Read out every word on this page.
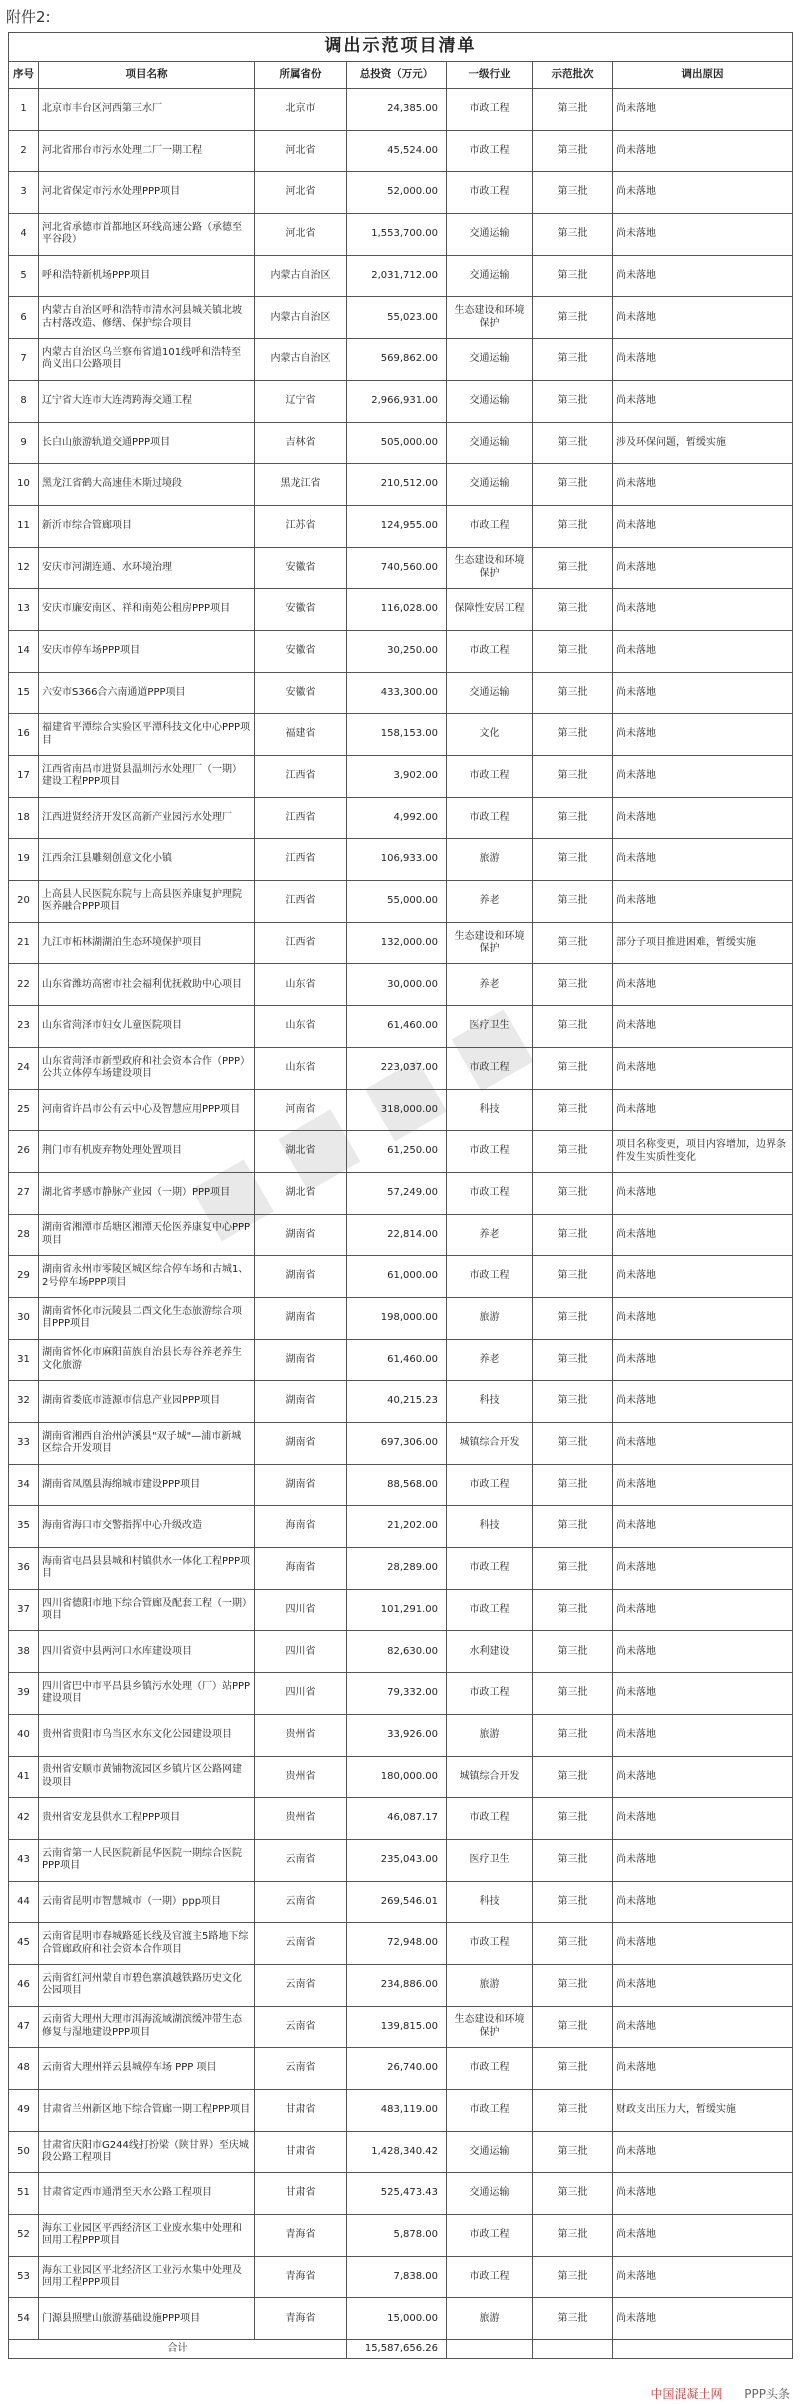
附件2:
调出示范项目清单						
序号	项目名称	所属省份	总投资（万元）	一级行业	示范批次	调出原因
1	北京市丰台区河西第三水厂	北京市	24,385.00	市政工程	第三批	尚未落地
2	河北省邢台市污水处理二厂一期工程	河北省	45,524.00	市政工程	第三批	尚未落地
3	河北省保定市污水处理PPP项目	河北省	52,000.00	市政工程	第三批	尚未落地
4	河北省承德市首都地区环线高速公路（承德至平谷段）	河北省	1,553,700.00	交通运输	第三批	尚未落地
5	呼和浩特新机场PPP项目	内蒙古自治区	2,031,712.00	交通运输	第三批	尚未落地
6	内蒙古自治区呼和浩特市清水河县城关镇北坡古村落改造、修缮、保护综合项目	内蒙古自治区	55,023.00	生态建设和环境保护	第三批	尚未落地
7	内蒙古自治区乌兰察布省道101线呼和浩特至尚义出口公路项目	内蒙古自治区	569,862.00	交通运输	第三批	尚未落地
8	辽宁省大连市大连湾跨海交通工程	辽宁省	2,966,931.00	交通运输	第三批	尚未落地
9	长白山旅游轨道交通PPP项目	吉林省	505,000.00	交通运输	第三批	涉及环保问题，暂缓实施
10	黑龙江省鹤大高速佳木斯过境段	黑龙江省	210,512.00	交通运输	第三批	尚未落地
11	新沂市综合管廊项目	江苏省	124,955.00	市政工程	第三批	尚未落地
12	安庆市河湖连通、水环境治理	安徽省	740,560.00	生态建设和环境保护	第三批	尚未落地
13	安庆市廉安南区、祥和南苑公租房PPP项目	安徽省	116,028.00	保障性安居工程	第三批	尚未落地
14	安庆市停车场PPP项目	安徽省	30,250.00	市政工程	第三批	尚未落地
15	六安市S366合六南通道PPP项目	安徽省	433,300.00	交通运输	第三批	尚未落地
16	福建省平潭综合实验区平潭科技文化中心PPP项目	福建省	158,153.00	文化	第三批	尚未落地
17	江西省南昌市进贤县温圳污水处理厂（一期）建设工程PPP项目	江西省	3,902.00	市政工程	第三批	尚未落地
18	江西进贤经济开发区高新产业园污水处理厂	江西省	4,992.00	市政工程	第三批	尚未落地
19	江西余江县雕刻创意文化小镇	江西省	106,933.00	旅游	第三批	尚未落地
20	上高县人民医院东院与上高县医养康复护理院医养融合PPP项目	江西省	55,000.00	养老	第三批	尚未落地
21	九江市柘林湖湖泊生态环境保护项目	江西省	132,000.00	生态建设和环境保护	第三批	部分子项目推进困难，暂缓实施
22	山东省潍坊高密市社会福利优抚救助中心项目	山东省	30,000.00	养老	第三批	尚未落地
23	山东省菏泽市妇女儿童医院项目	山东省	61,460.00	医疗卫生	第三批	尚未落地
24	山东省菏泽市新型政府和社会资本合作（PPP）公共立体停车场建设项目	山东省	223,037.00	市政工程	第三批	尚未落地
25	河南省许昌市公有云中心及智慧应用PPP项目	河南省	318,000.00	科技	第三批	尚未落地
26	荆门市有机废弃物处理处置项目	湖北省	61,250.00	市政工程	第三批	项目名称变更，项目内容增加，边界条件发生实质性变化
27	湖北省孝感市静脉产业园（一期）PPP项目	湖北省	57,249.00	市政工程	第三批	尚未落地
28	湖南省湘潭市岳塘区湘潭天伦医养康复中心PPP项目	湖南省	22,814.00	养老	第三批	尚未落地
29	湖南省永州市零陵区城区综合停车场和古城1、2号停车场PPP项目	湖南省	61,000.00	市政工程	第三批	尚未落地
30	湖南省怀化市沅陵县二酉文化生态旅游综合项目PPP项目	湖南省	198,000.00	旅游	第三批	尚未落地
31	湖南省怀化市麻阳苗族自治县长寿谷养老养生文化旅游	湖南省	61,460.00	养老	第三批	尚未落地
32	湖南省娄底市涟源市信息产业园PPP项目	湖南省	40,215.23	科技	第三批	尚未落地
33	湖南省湘西自治州泸溪县"双子城"—浦市新城区综合开发项目	湖南省	697,306.00	城镇综合开发	第三批	尚未落地
34	湖南省凤凰县海绵城市建设PPP项目	湖南省	88,568.00	市政工程	第三批	尚未落地
35	海南省海口市交警指挥中心升级改造	海南省	21,202.00	科技	第三批	尚未落地
36	海南省屯昌县县城和村镇供水一体化工程PPP项目	海南省	28,289.00	市政工程	第三批	尚未落地
37	四川省德阳市地下综合管廊及配套工程（一期）项目	四川省	101,291.00	市政工程	第三批	尚未落地
38	四川省资中县两河口水库建设项目	四川省	82,630.00	水利建设	第三批	尚未落地
39	四川省巴中市平昌县乡镇污水处理（厂）站PPP建设项目	四川省	79,332.00	市政工程	第三批	尚未落地
40	贵州省贵阳市乌当区水东文化公园建设项目	贵州省	33,926.00	旅游	第三批	尚未落地
41	贵州省安顺市黄铺物流园区乡镇片区公路网建设项目	贵州省	180,000.00	城镇综合开发	第三批	尚未落地
42	贵州省安龙县供水工程PPP项目	贵州省	46,087.17	市政工程	第三批	尚未落地
43	云南省第一人民医院新昆华医院一期综合医院PPP项目	云南省	235,043.00	医疗卫生	第三批	尚未落地
44	云南省昆明市智慧城市（一期）ppp项目	云南省	269,546.01	科技	第三批	尚未落地
45	云南省昆明市春城路延长线及官渡主5路地下综合管廊政府和社会资本合作项目	云南省	72,948.00	市政工程	第三批	尚未落地
46	云南省红河州蒙自市碧色寨滇越铁路历史文化公园项目	云南省	234,886.00	旅游	第三批	尚未落地
47	云南省大理州大理市洱海流域湖滨缓冲带生态修复与湿地建设PPP项目	云南省	139,815.00	生态建设和环境保护	第三批	尚未落地
48	云南省大理州祥云县城停车场 PPP 项目	云南省	26,740.00	市政工程	第三批	尚未落地
49	甘肃省兰州新区地下综合管廊一期工程PPP项目	甘肃省	483,119.00	市政工程	第三批	财政支出压力大，暂缓实施
50	甘肃省庆阳市G244线打扮梁（陕甘界）至庆城段公路工程项目	甘肃省	1,428,340.42	交通运输	第三批	尚未落地
51	甘肃省定西市通渭至天水公路工程项目	甘肃省	525,473.43	交通运输	第三批	尚未落地
52	海东工业园区平西经济区工业废水集中处理和回用工程PPP项目	青海省	5,878.00	市政工程	第三批	尚未落地
53	海东工业园区平北经济区工业污水集中处理及回用工程PPP项目	青海省	7,838.00	市政工程	第三批	尚未落地
54	门源县照壁山旅游基础设施PPP项目	青海省	15,000.00	旅游	第三批	尚未落地
合计			15,587,656.26			
中国混凝土网 PPP头条
